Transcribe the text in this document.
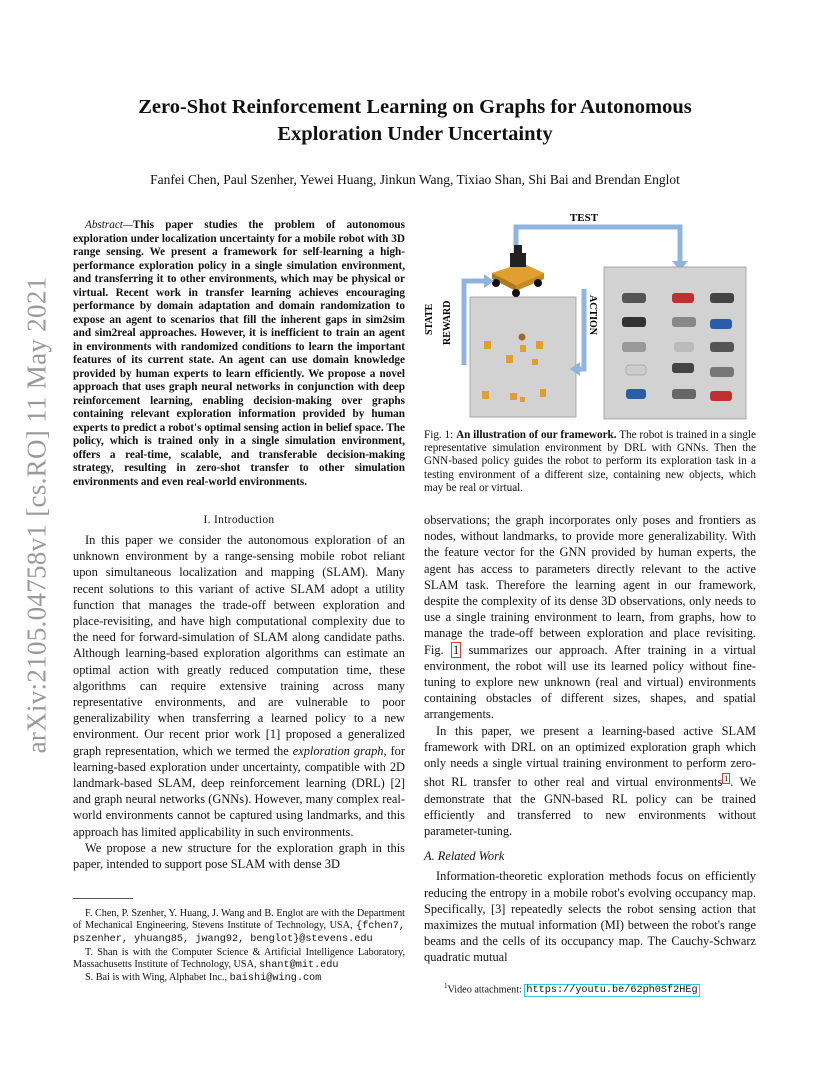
Zero-Shot Reinforcement Learning on Graphs for Autonomous Exploration Under Uncertainty
Fanfei Chen, Paul Szenher, Yewei Huang, Jinkun Wang, Tixiao Shan, Shi Bai and Brendan Englot
arXiv:2105.04758v1 [cs.RO] 11 May 2021
Abstract—This paper studies the problem of autonomous exploration under localization uncertainty for a mobile robot with 3D range sensing. We present a framework for self-learning a high-performance exploration policy in a single simulation environment, and transferring it to other environments, which may be physical or virtual. Recent work in transfer learning achieves encouraging performance by domain adaptation and domain randomization to expose an agent to scenarios that fill the inherent gaps in sim2sim and sim2real approaches. However, it is inefficient to train an agent in environments with randomized conditions to learn the important features of its current state. An agent can use domain knowledge provided by human experts to learn efficiently. We propose a novel approach that uses graph neural networks in conjunction with deep reinforcement learning, enabling decision-making over graphs containing relevant exploration information provided by human experts to predict a robot's optimal sensing action in belief space. The policy, which is trained only in a single simulation environment, offers a real-time, scalable, and transferable decision-making strategy, resulting in zero-shot transfer to other simulation environments and even real-world environments.
I. Introduction

In this paper we consider the autonomous exploration of an unknown environment by a range-sensing mobile robot reliant upon simultaneous localization and mapping (SLAM). Many recent solutions to this variant of active SLAM adopt a utility function that manages the trade-off between exploration and place-revisiting, and have high computational complexity due to the need for forward-simulation of SLAM along candidate paths. Although learning-based exploration algorithms can estimate an optimal action with greatly reduced computation time, these algorithms can require extensive training across many representative environments, and are vulnerable to poor generalizability when transferring a learned policy to a new environment. Our recent prior work [1] proposed a generalized graph representation, which we termed the exploration graph, for learning-based exploration under uncertainty, compatible with 2D landmark-based SLAM, deep reinforcement learning (DRL) [2] and graph neural networks (GNNs). However, many complex real-world environments cannot be captured using landmarks, and this approach has limited applicability in such environments.

We propose a new structure for the exploration graph in this paper, intended to support pose SLAM with dense 3D

F. Chen, P. Szenher, Y. Huang, J. Wang and B. Englot are with the Department of Mechanical Engineering, Stevens Institute of Technology, USA, {fchen7, pszenher, yhuang85, jwang92, benglot}@stevens.edu

T. Shan is with the Computer Science & Artificial Intelligence Laboratory, Massachusetts Institute of Technology, USA, shant@mit.edu

S. Bai is with Wing, Alphabet Inc., baishi@wing.com

TEST
STATE REWARD	ACTION
Fig. 1: An illustration of our framework. The robot is trained in a single representative simulation environment by DRL with GNNs. Then the GNN-based policy guides the robot to perform its exploration task in a testing environment of a different size, containing new objects, which may be real or virtual.

observations; the graph incorporates only poses and frontiers as nodes, without landmarks, to provide more generalizability. With the feature vector for the GNN provided by human experts, the agent has access to parameters directly relevant to the active SLAM task. Therefore the learning agent in our framework, despite the complexity of its dense 3D observations, only needs to use a single training environment to learn, from graphs, how to manage the trade-off between exploration and place revisiting. Fig. 1 summarizes our approach. After training in a virtual environment, the robot will use its learned policy without fine-tuning to explore new unknown (real and virtual) environments containing obstacles of different sizes, shapes, and spatial arrangements.

In this paper, we present a learning-based active SLAM framework with DRL on an optimized exploration graph which only needs a single virtual training environment to perform zero-shot RL transfer to other real and virtual environments $^1$ . We demonstrate that the GNN-based RL policy can be trained efficiently and transferred to new environments without parameter-tuning.

A. Related Work

Information-theoretic exploration methods focus on efficiently reducing the entropy in a mobile robot's evolving occupancy map. Specifically, [3] repeatedly selects the robot sensing action that maximizes the mutual information (MI) between the robot's range beams and the cells of its occupancy map. The Cauchy-Schwarz quadratic mutual

$^1$Video attachment: https://youtu.be/62ph0Sf2HEg
